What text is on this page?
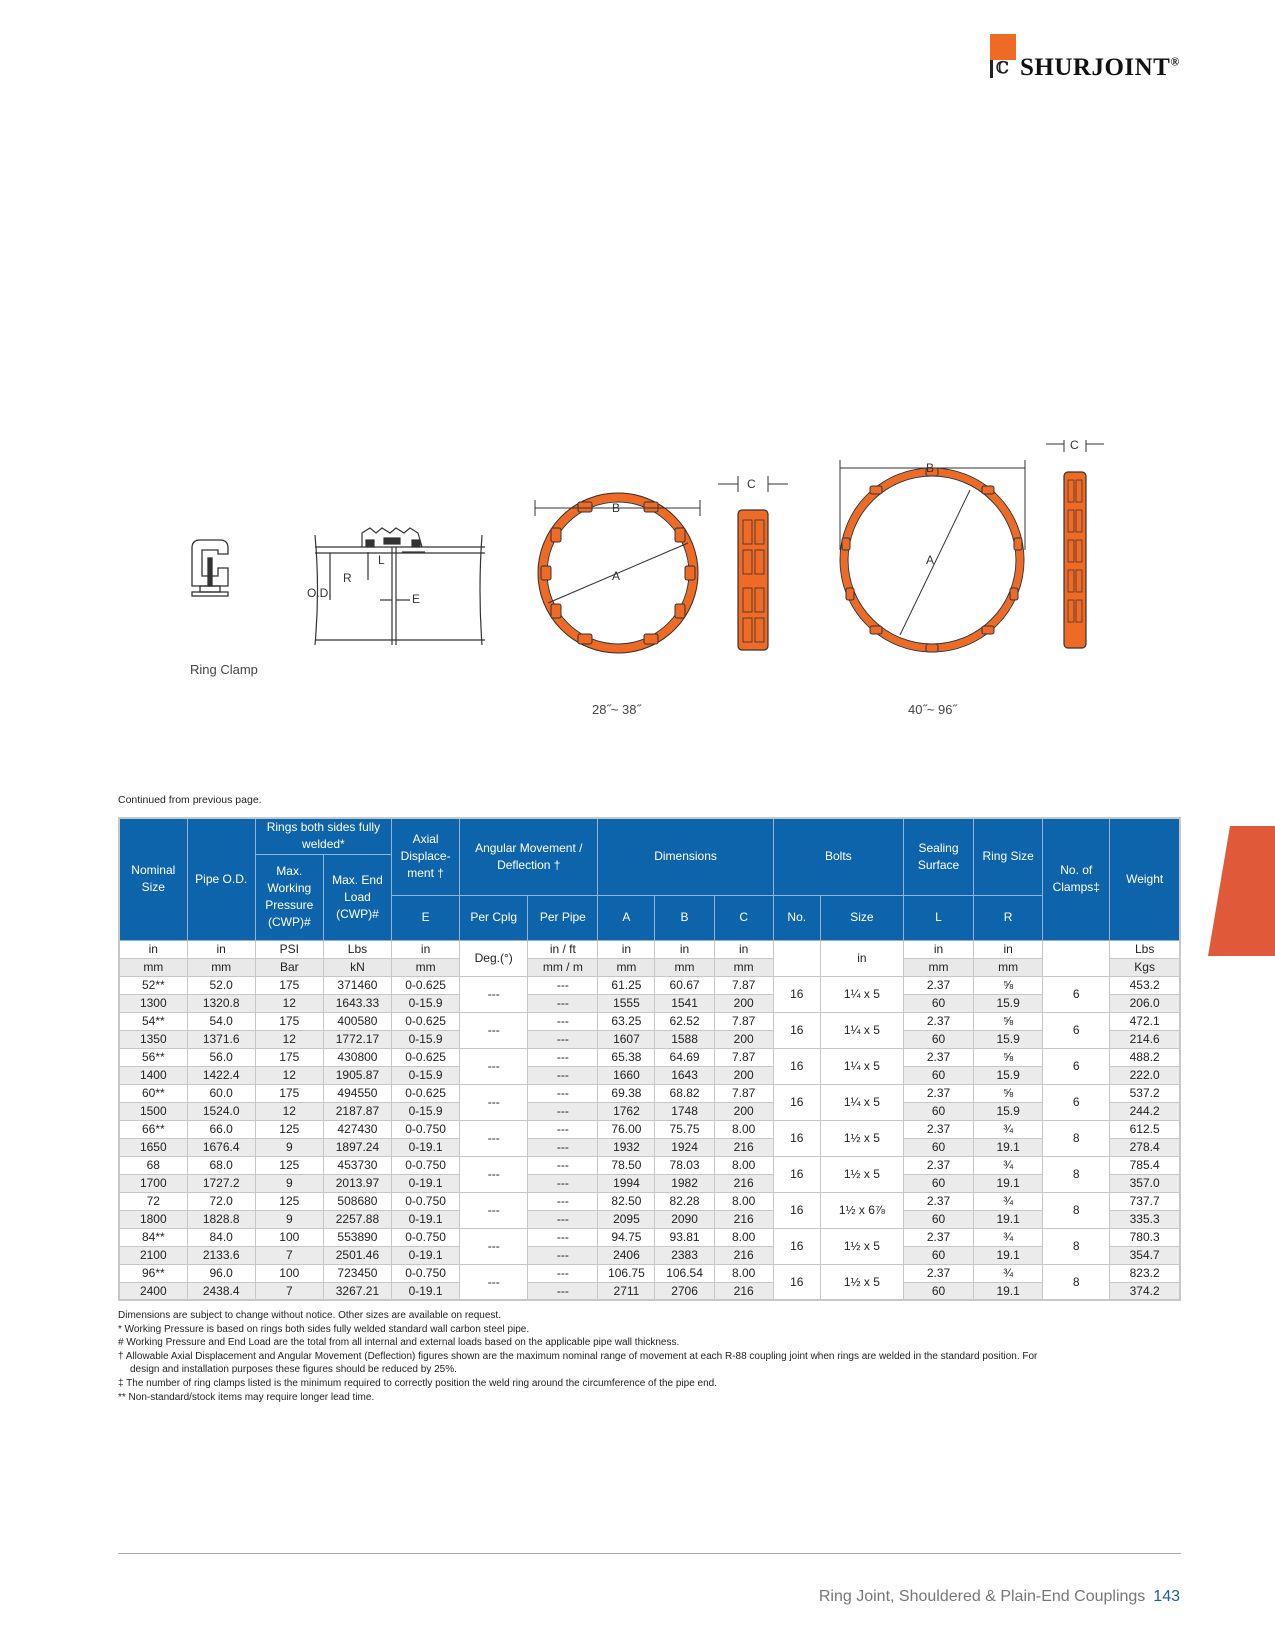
ℂ SHURJOINT®
O.D.
R
L
E
A
B
C
A
B
C
Ring Clamp
28˝~ 38˝	40˝~ 96˝
Continued from previous page.
Nominal Size	Pipe O.D.	Rings both sides fully welded*		Axial Displace- ment †	Angular Movement / Deflection †		Dimensions			Bolts		Sealing Surface	Ring Size	No. of Clamps‡	Weight
		Max. Working Pressure (CWP)#	Max. End Load (CWP)#												
				E	Per Cplg	Per Pipe	A	B	C	No.	Size	L	R		
in	in	PSI	Lbs	in	Deg.(°)	in / ft	in	in	in		in	in	in		Lbs
mm	mm	Bar	kN	mm		mm / m	mm	mm	mm			mm	mm		Kgs
52**	52.0	175	371460	0-0.625	---	---	61.25	60.67	7.87	16	1¼ x 5	2.37	⅝	6	453.2
1300	1320.8	12	1643.33	0-15.9		---	1555	1541	200			60	15.9		206.0
54**	54.0	175	400580	0-0.625	---	---	63.25	62.52	7.87	16	1¼ x 5	2.37	⅝	6	472.1
1350	1371.6	12	1772.17	0-15.9		---	1607	1588	200			60	15.9		214.6
56**	56.0	175	430800	0-0.625	---	---	65.38	64.69	7.87	16	1¼ x 5	2.37	⅝	6	488.2
1400	1422.4	12	1905.87	0-15.9		---	1660	1643	200			60	15.9		222.0
60**	60.0	175	494550	0-0.625	---	---	69.38	68.82	7.87	16	1¼ x 5	2.37	⅝	6	537.2
1500	1524.0	12	2187.87	0-15.9		---	1762	1748	200			60	15.9		244.2
66**	66.0	125	427430	0-0.750	---	---	76.00	75.75	8.00	16	1½ x 5	2.37	¾	8	612.5
1650	1676.4	9	1897.24	0-19.1		---	1932	1924	216			60	19.1		278.4
68	68.0	125	453730	0-0.750	---	---	78.50	78.03	8.00	16	1½ x 5	2.37	¾	8	785.4
1700	1727.2	9	2013.97	0-19.1		---	1994	1982	216			60	19.1		357.0
72	72.0	125	508680	0-0.750	---	---	82.50	82.28	8.00	16	1½ x 6⅞	2.37	¾	8	737.7
1800	1828.8	9	2257.88	0-19.1		---	2095	2090	216			60	19.1		335.3
84**	84.0	100	553890	0-0.750	---	---	94.75	93.81	8.00	16	1½ x 5	2.37	¾	8	780.3
2100	2133.6	7	2501.46	0-19.1		---	2406	2383	216			60	19.1		354.7
96**	96.0	100	723450	0-0.750	---	---	106.75	106.54	8.00	16	1½ x 5	2.37	¾	8	823.2
2400	2438.4	7	3267.21	0-19.1		---	2711	2706	216			60	19.1		374.2

Dimensions are subject to change without notice. Other sizes are available on request.

* Working Pressure is based on rings both sides fully welded standard wall carbon steel pipe.

# Working Pressure and End Load are the total from all internal and external loads based on the applicable pipe wall thickness.

† Allowable Axial Displacement and Angular Movement (Deflection) figures shown are the maximum nominal range of movement at each R-88 coupling joint when rings are welded in the standard position. For

design and installation purposes these figures should be reduced by 25%.

‡ The number of ring clamps listed is the minimum required to correctly position the weld ring around the circumference of the pipe end.

** Non-standard/stock items may require longer lead time.

Ring Joint, Shouldered & Plain-End Couplings 143
